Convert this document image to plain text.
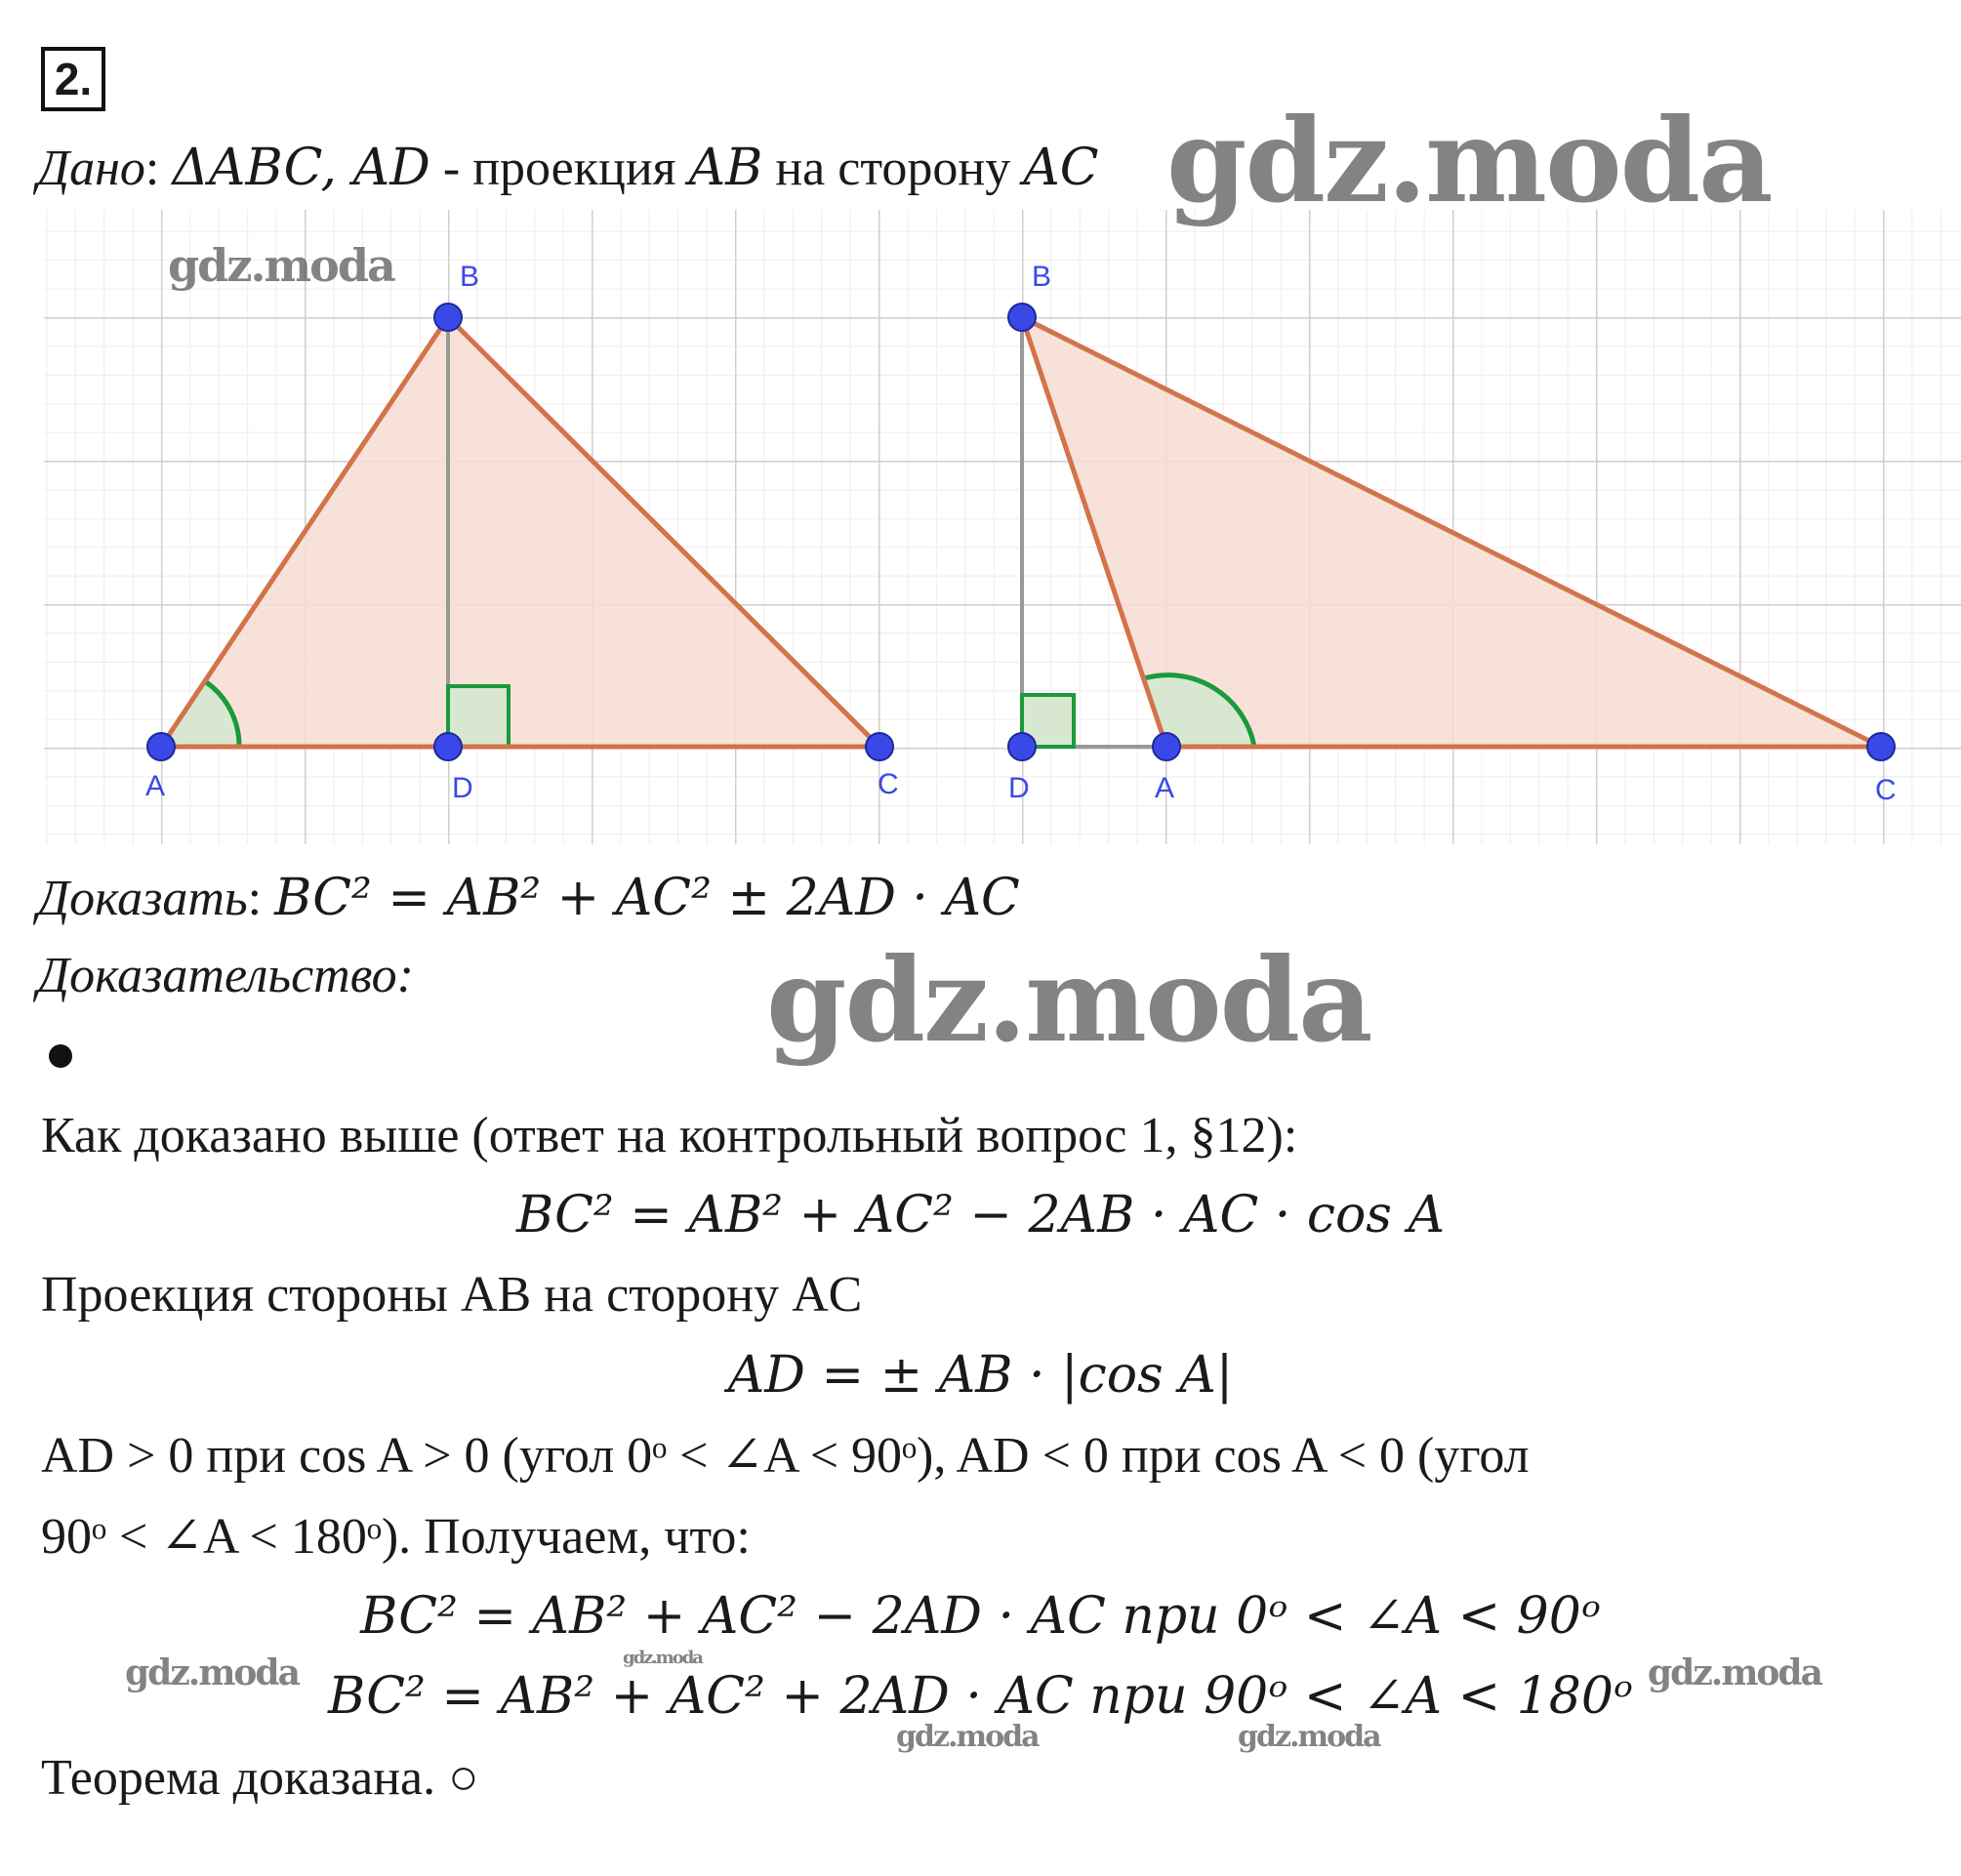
2.
Дано: ΔABC, AD - проекция AB на сторону AC
A
B
D	C
B
D	A	C
Доказать: BC² = AB² + AC² ± 2AD · AC
Доказательство:
Как доказано выше (ответ на контрольный вопрос 1, §12):
BC² = AB² + AC² − 2AB · AC · cos A
Проекция стороны AB на сторону AC
AD = ± AB · |cos A|
AD > 0 при cos A > 0 (угол 0ᵒ < ∠A < 90ᵒ), AD < 0 при cos A < 0 (угол
90ᵒ < ∠A < 180ᵒ). Получаем, что:
BC² = AB² + AC² − 2AD · AC при 0ᵒ < ∠A < 90ᵒ
BC² = AB² + AC² + 2AD · AC при 90ᵒ < ∠A < 180ᵒ
Теорема доказана. ○
gdz.moda
gdz.moda
gdz.moda
gdz.moda	gdz.moda	gdz.moda
gdz.moda	gdz.moda
